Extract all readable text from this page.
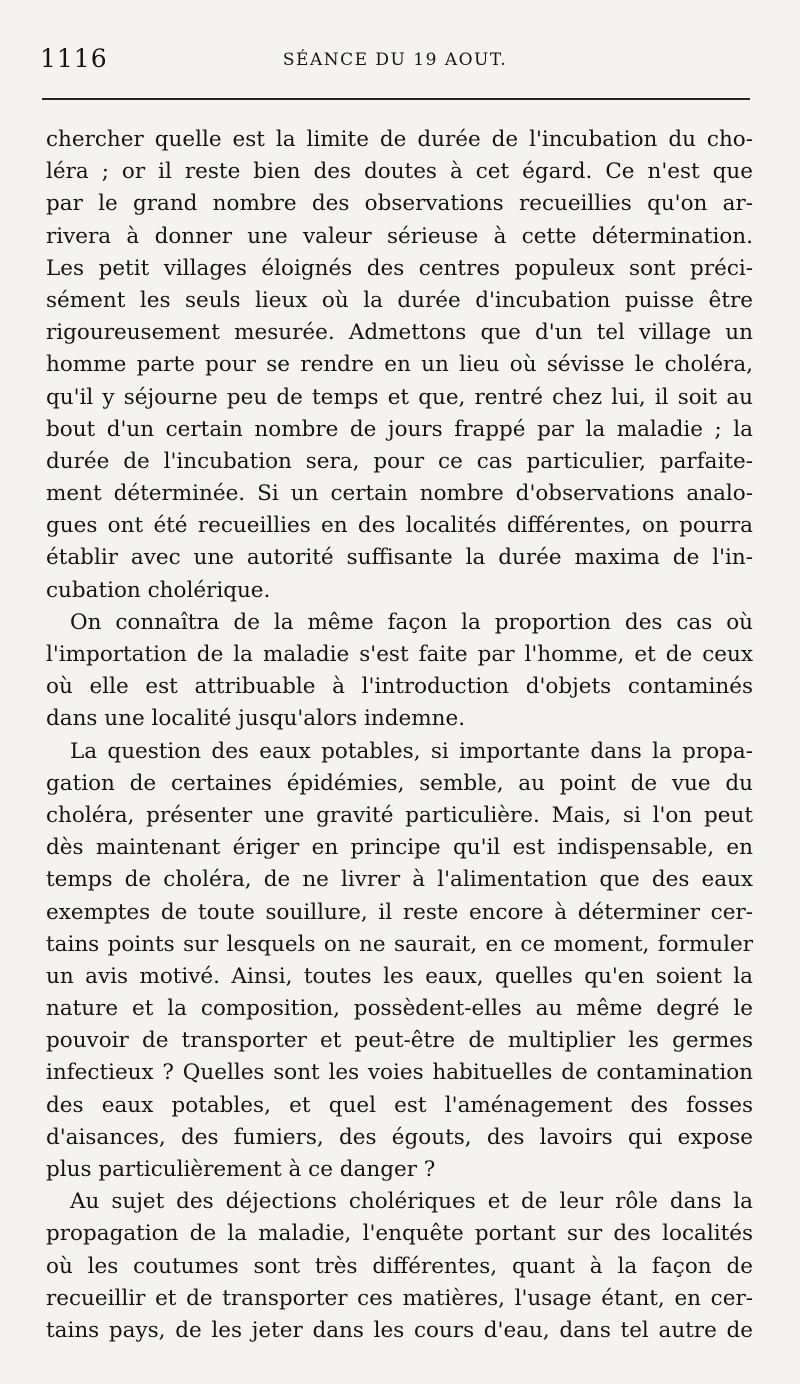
1116	SÉANCE DU 19 AOUT.
chercher quelle est la limite de durée de l'incubation du cho-
léra ; or il reste bien des doutes à cet égard. Ce n'est que
par le grand nombre des observations recueillies qu'on ar-
rivera à donner une valeur sérieuse à cette détermination.
Les petit villages éloignés des centres populeux sont préci-
sément les seuls lieux où la durée d'incubation puisse être
rigoureusement mesurée. Admettons que d'un tel village un
homme parte pour se rendre en un lieu où sévisse le choléra,
qu'il y séjourne peu de temps et que, rentré chez lui, il soit au
bout d'un certain nombre de jours frappé par la maladie ; la
durée de l'incubation sera, pour ce cas particulier, parfaite-
ment déterminée. Si un certain nombre d'observations analo-
gues ont été recueillies en des localités différentes, on pourra
établir avec une autorité suffisante la durée maxima de l'in-
cubation cholérique.
On connaîtra de la même façon la proportion des cas où
l'importation de la maladie s'est faite par l'homme, et de ceux
où elle est attribuable à l'introduction d'objets contaminés
dans une localité jusqu'alors indemne.
La question des eaux potables, si importante dans la propa-
gation de certaines épidémies, semble, au point de vue du
choléra, présenter une gravité particulière. Mais, si l'on peut
dès maintenant ériger en principe qu'il est indispensable, en
temps de choléra, de ne livrer à l'alimentation que des eaux
exemptes de toute souillure, il reste encore à déterminer cer-
tains points sur lesquels on ne saurait, en ce moment, formuler
un avis motivé. Ainsi, toutes les eaux, quelles qu'en soient la
nature et la composition, possèdent-elles au même degré le
pouvoir de transporter et peut-être de multiplier les germes
infectieux ? Quelles sont les voies habituelles de contamination
des eaux potables, et quel est l'aménagement des fosses
d'aisances, des fumiers, des égouts, des lavoirs qui expose
plus particulièrement à ce danger ?
Au sujet des déjections cholériques et de leur rôle dans la
propagation de la maladie, l'enquête portant sur des localités
où les coutumes sont très différentes, quant à la façon de
recueillir et de transporter ces matières, l'usage étant, en cer-
tains pays, de les jeter dans les cours d'eau, dans tel autre de
